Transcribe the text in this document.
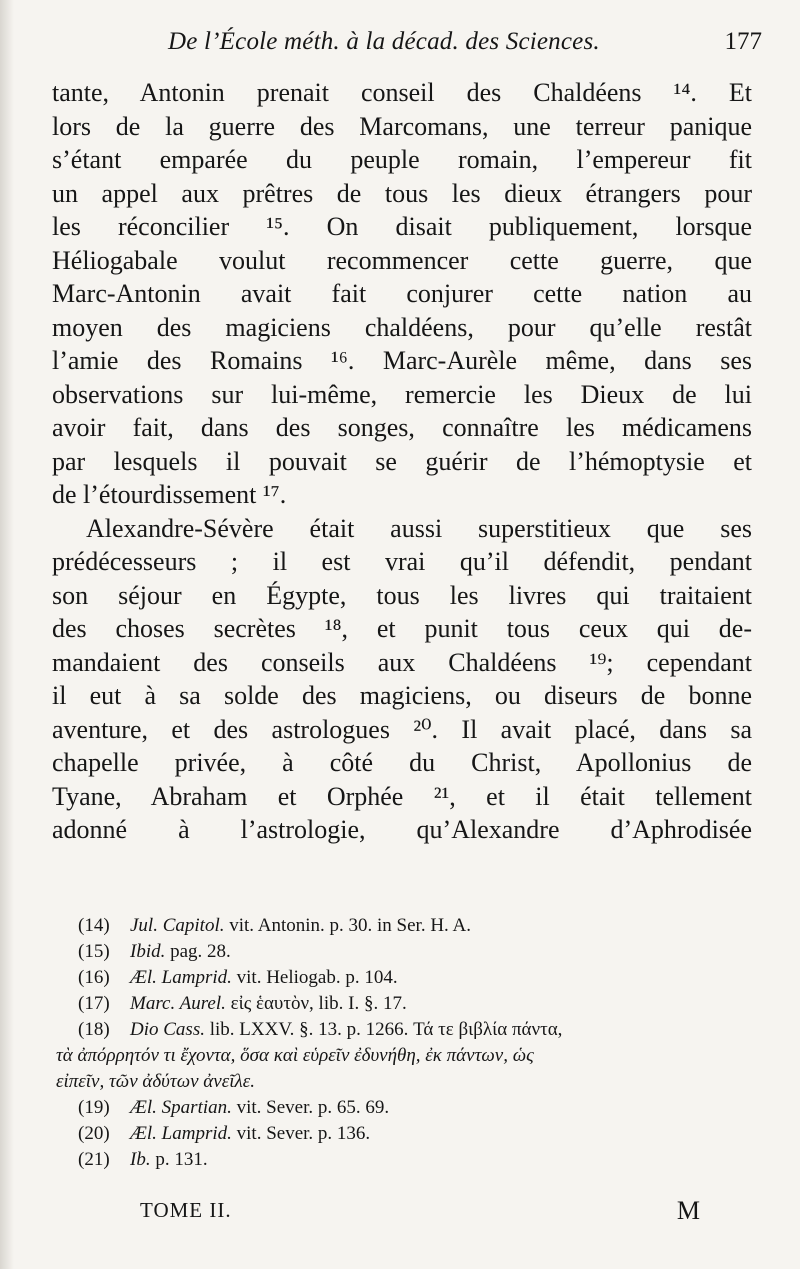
De l’École méth. à la décad. des Sciences.	177
tante, Antonin prenait conseil des Chaldéens ¹⁴. Et
lors de la guerre des Marcomans, une terreur panique
s’étant emparée du peuple romain, l’empereur fit
un appel aux prêtres de tous les dieux étrangers pour
les réconcilier ¹⁵. On disait publiquement, lorsque
Héliogabale voulut recommencer cette guerre, que
Marc-Antonin avait fait conjurer cette nation au
moyen des magiciens chaldéens, pour qu’elle restât
l’amie des Romains ¹⁶. Marc-Aurèle même, dans ses
observations sur lui-même, remercie les Dieux de lui
avoir fait, dans des songes, connaître les médicamens
par lesquels il pouvait se guérir de l’hémoptysie et
de l’étourdissement ¹⁷.
Alexandre-Sévère était aussi superstitieux que ses
prédécesseurs ; il est vrai qu’il défendit, pendant
son séjour en Égypte, tous les livres qui traitaient
des choses secrètes ¹⁸, et punit tous ceux qui de-
mandaient des conseils aux Chaldéens ¹⁹; cependant
il eut à sa solde des magiciens, ou diseurs de bonne
aventure, et des astrologues ²⁰. Il avait placé, dans sa
chapelle privée, à côté du Christ, Apollonius de
Tyane, Abraham et Orphée ²¹, et il était tellement
adonné à l’astrologie, qu’Alexandre d’Aphrodisée
(14) Jul. Capitol. vit. Antonin. p. 30. in Ser. H. A.
(15) Ibid. pag. 28.
(16) Æl. Lamprid. vit. Heliogab. p. 104.
(17) Marc. Aurel. εἰς ἑαυτὸν, lib. I. §. 17.
(18) Dio Cass. lib. LXXV. §. 13. p. 1266. Τά τε βιβλία πάντα,
τὰ ἀπόρρητόν τι ἔχοντα, ὅσα καὶ εὑρεῖν ἐδυνήθη, ἐκ πάντων, ὡς
εἰπεῖν, τῶν ἀδύτων ἀνεῖλε.
(19) Æl. Spartian. vit. Sever. p. 65. 69.
(20) Æl. Lamprid. vit. Sever. p. 136.
(21) Ib. p. 131.
TOME II.	M
